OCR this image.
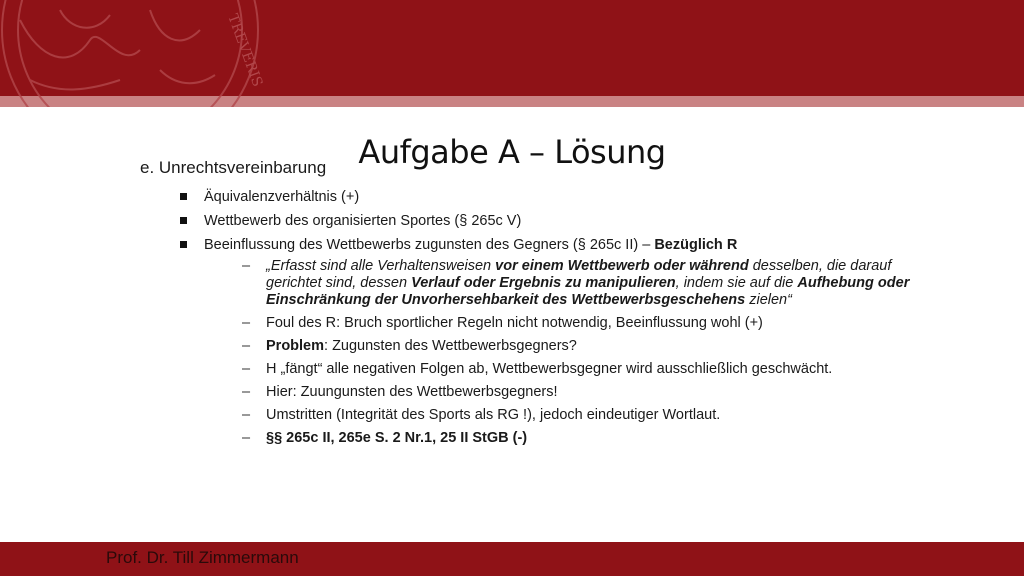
TREVERIS
Aufgabe A – Lösung
e. Unrechtsvereinbarung
Äquivalenzverhältnis (+)
Wettbewerb des organisierten Sportes (§ 265c V)
Beeinflussung des Wettbewerbs zugunsten des Gegners (§ 265c II) – Bezüglich R
– „Erfasst sind alle Verhaltensweisen vor einem Wettbewerb oder während desselben, die darauf gerichtet sind, dessen Verlauf oder Ergebnis zu manipulieren, indem sie auf die Aufhebung oder Einschränkung der Unvorhersehbarkeit des Wettbewerbsgeschehens zielen“
– Foul des R: Bruch sportlicher Regeln nicht notwendig, Beeinflussung wohl (+)
– Problem: Zugunsten des Wettbewerbsgegners?
– H „fängt“ alle negativen Folgen ab, Wettbewerbsgegner wird ausschließlich geschwächt.
– Hier: Zuungunsten des Wettbewerbsgegners!
– Umstritten (Integrität des Sports als RG !), jedoch eindeutiger Wortlaut.
– §§ 265c II, 265e S. 2 Nr.1, 25 II StGB (-)
Prof. Dr. Till Zimmermann
